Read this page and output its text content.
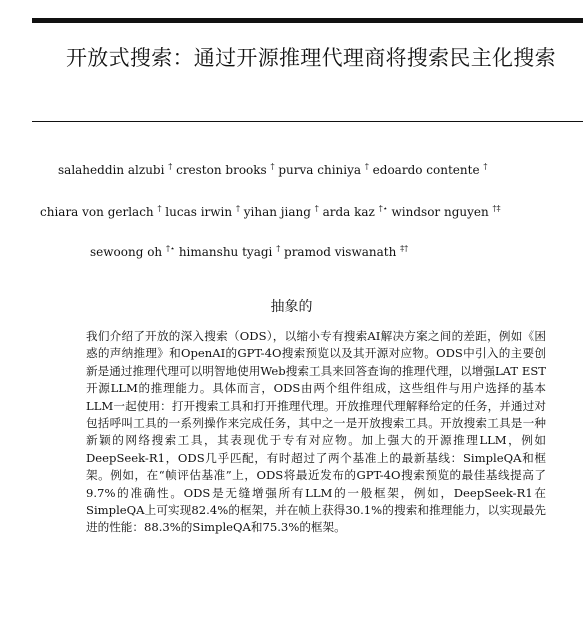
开放式搜索：通过开源推理代理商将搜索民主化搜索
salaheddin alzubi † creston brooks † purva chiniya † edoardo contente †
chiara von gerlach † lucas irwin † yihan jiang † arda kaz †⋆ windsor nguyen †‡
sewoong oh †⋆ himanshu tyagi † pramod viswanath ‡†
抽象的

我们介绍了开放的深入搜索（ODS），以缩小专有搜索AI解决方案之间的差距，例如《困惑的声纳推理》和OpenAI的GPT-4O搜索预览以及其开源对应物。ODS中引入的主要创新是通过推理代理可以明智地使用Web搜索工具来回答查询的推理代理，以增强LAT EST开源LLM的推理能力。具体而言，ODS由两个组件组成，这些组件与用户选择的基本LLM一起使用：打开搜索工具和打开推理代理。开放推理代理解释给定的任务，并通过对包括呼叫工具的一系列操作来完成任务，其中之一是开放搜索工具。开放搜索工具是一种新颖的网络搜索工具，其表现优于专有对应物。加上强大的开源推理LLM，例如DeepSeek-R1，ODS几乎匹配，有时超过了两个基准上的最新基线：SimpleQA和框架。例如，在“帧评估基准”上，ODS将最近发布的GPT-4O搜索预览的最佳基线提高了9.7%的准确性。ODS是无缝增强所有LLM的一般框架，例如，DeepSeek-R1在SimpleQA上可实现82.4%的框架，并在帧上获得30.1%的搜索和推理能力，以实现最先进的性能：88.3%的SimpleQA和75.3%的框架。
